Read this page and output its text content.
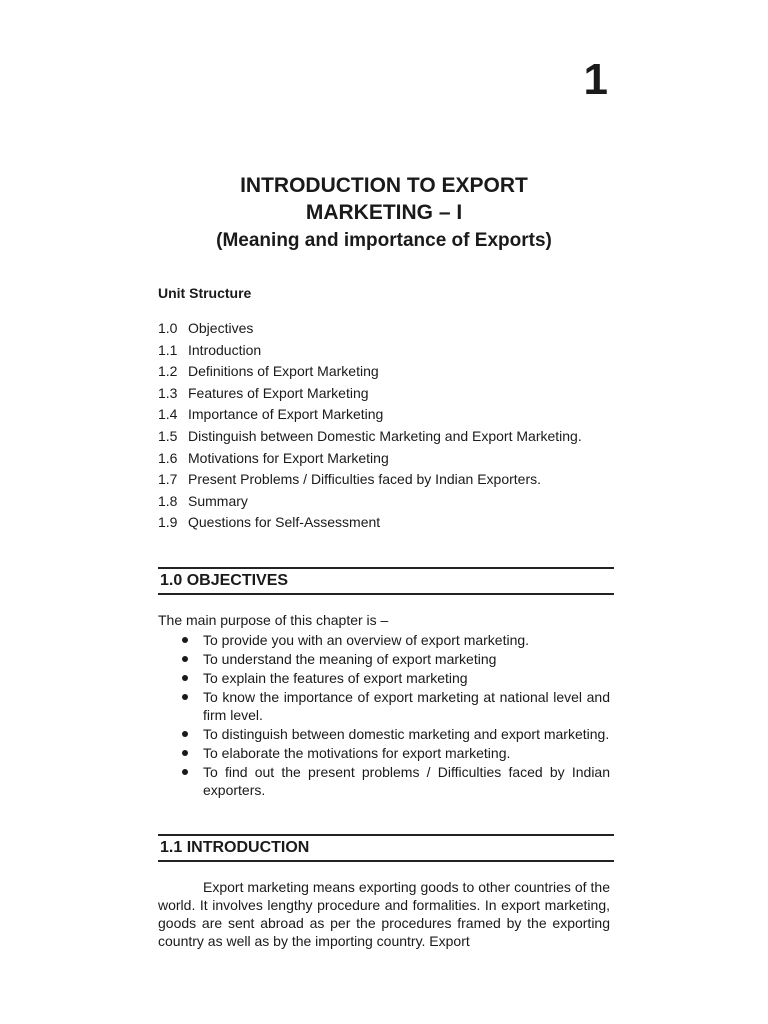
1
INTRODUCTION TO EXPORT
MARKETING – I
(Meaning and importance of Exports)
Unit Structure
1.0 Objectives
1.1 Introduction
1.2 Definitions of Export Marketing
1.3 Features of Export Marketing
1.4 Importance of Export Marketing
1.5 Distinguish between Domestic Marketing and Export Marketing.
1.6 Motivations for Export Marketing
1.7 Present Problems / Difficulties faced by Indian Exporters.
1.8 Summary
1.9 Questions for Self-Assessment
1.0 OBJECTIVES
The main purpose of this chapter is –
To provide you with an overview of export marketing.
To understand the meaning of export marketing
To explain the features of export marketing
To know the importance of export marketing at national level and firm level.
To distinguish between domestic marketing and export marketing.
To elaborate the motivations for export marketing.
To find out the present problems / Difficulties faced by Indian exporters.
1.1 INTRODUCTION
Export marketing means exporting goods to other countries of the world. It involves lengthy procedure and formalities. In export marketing, goods are sent abroad as per the procedures framed by the exporting country as well as by the importing country. Export
